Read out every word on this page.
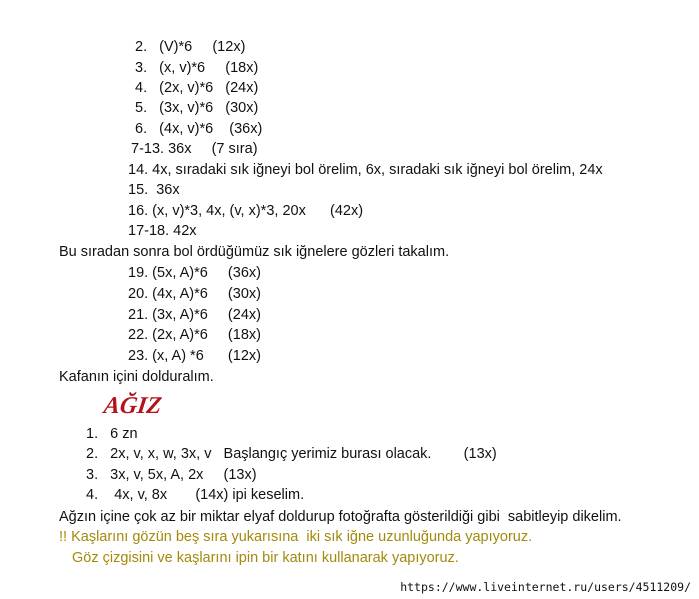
2.   (V)*6     (12x)
3.   (x, v)*6     (18x)
4.   (2x, v)*6   (24x)
5.   (3x, v)*6   (30x)
6.   (4x, v)*6    (36x)
7-13. 36x     (7 sıra)
14. 4x, sıradaki sık iğneyi bol örelim, 6x, sıradaki sık iğneyi bol örelim, 24x
15.  36x
16. (x, v)*3, 4x, (v, x)*3, 20x      (42x)
17-18. 42x
Bu sıradan sonra bol ördüğümüz sık iğnelere gözleri takalım.
19. (5x, A)*6     (36x)
20. (4x, A)*6     (30x)
21. (3x, A)*6     (24x)
22. (2x, A)*6     (18x)
23. (x, A) *6      (12x)
Kafanın içini dolduralım.
AĞIZ
1.   6 zn
2.   2x, v, x, w, 3x, v   Başlangıç yerimiz burası olacak.        (13x)
3.   3x, v, 5x, A, 2x     (13x)
4.    4x, v, 8x       (14x) ipi keselim.
Ağzın içine çok az bir miktar elyaf doldurup fotoğrafta gösterildiği gibi  sabitleyip dikelim.
!! Kaşlarını gözün beş sıra yukarısına  iki sık iğne uzunluğunda yapıyoruz.
Göz çizgisini ve kaşlarını ipin bir katını kullanarak yapıyoruz.
https://www.liveinternet.ru/users/4511209/
